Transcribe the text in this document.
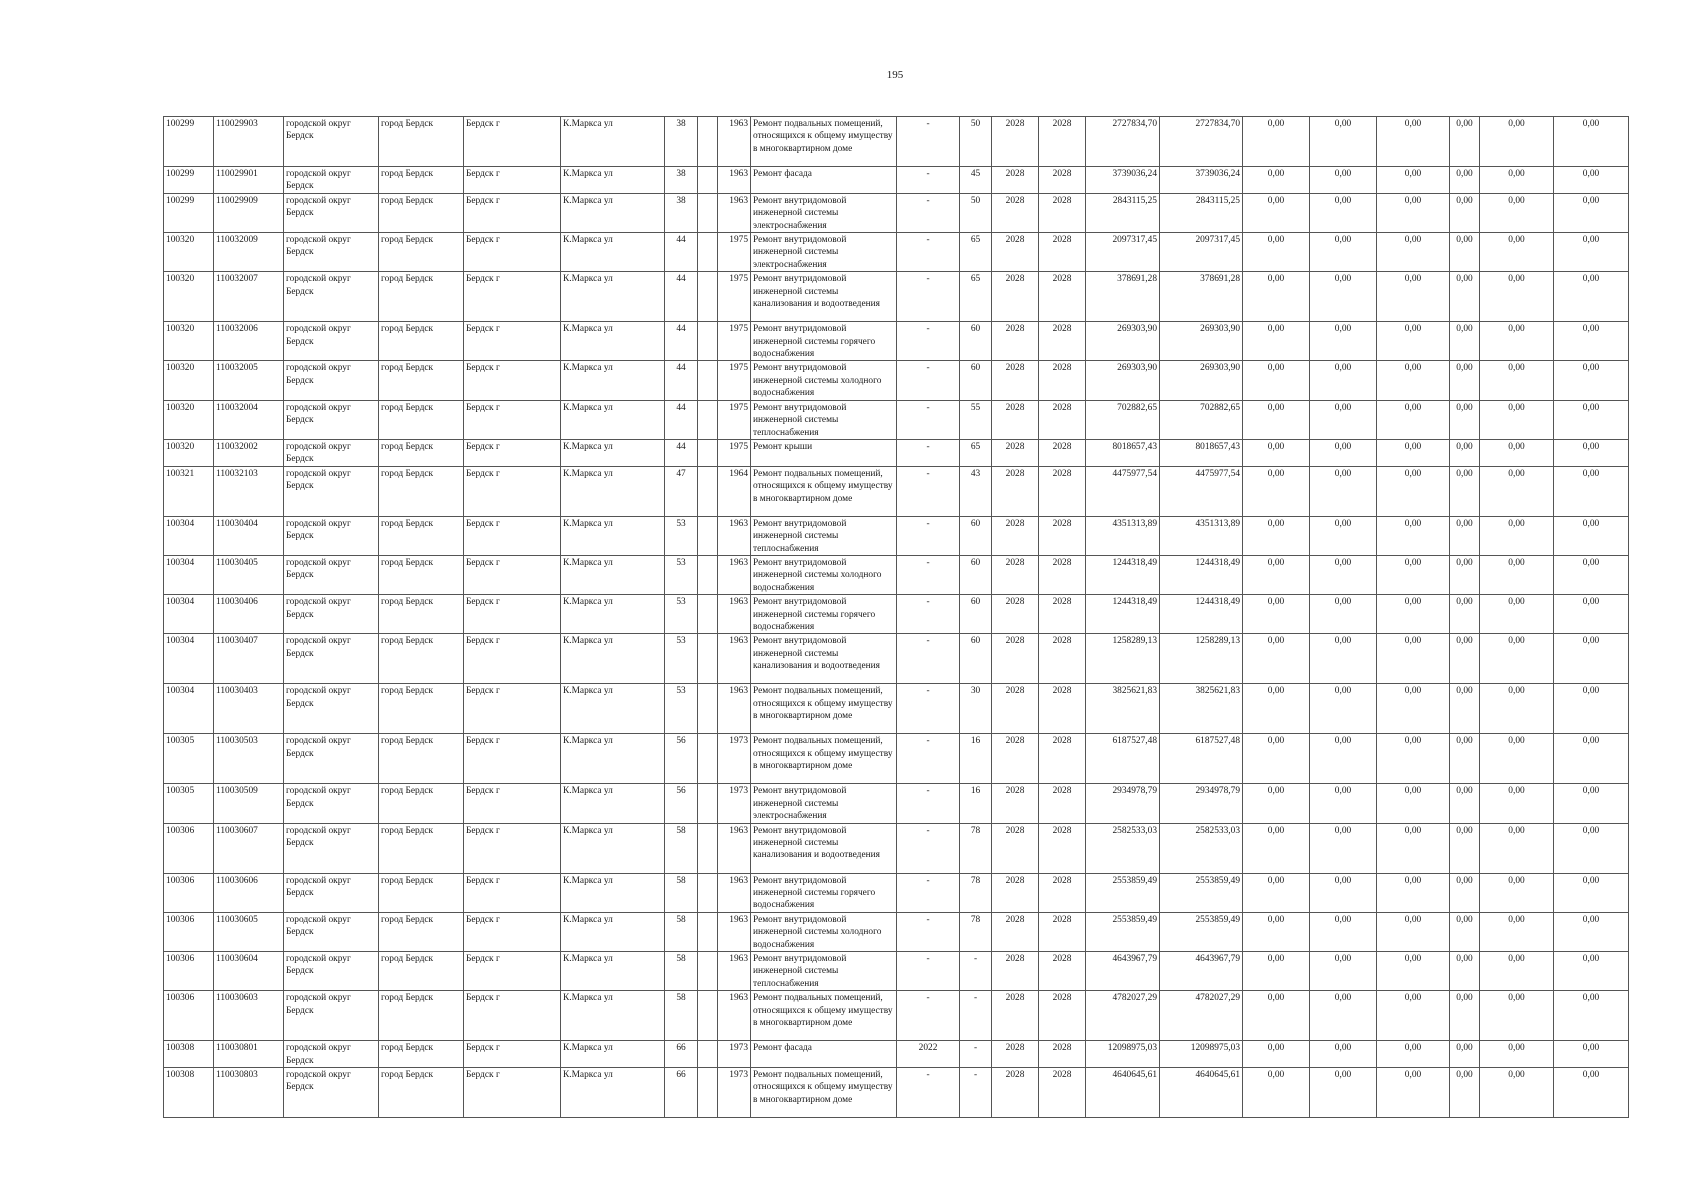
195
100299	110029903	городской округ Бердск	город Бердск	Бердск г	К.Маркса ул	38		1963	Ремонт подвальных помещений, относящихся к общему имуществу в многоквартирном доме	-	50	2028	2028	2727834,70	2727834,70	0,00	0,00	0,00	0,00	0,00	0,00
100299	110029901	городской округ Бердск	город Бердск	Бердск г	К.Маркса ул	38		1963	Ремонт фасада	-	45	2028	2028	3739036,24	3739036,24	0,00	0,00	0,00	0,00	0,00	0,00
100299	110029909	городской округ Бердск	город Бердск	Бердск г	К.Маркса ул	38		1963	Ремонт внутридомовой инженерной системы электроснабжения	-	50	2028	2028	2843115,25	2843115,25	0,00	0,00	0,00	0,00	0,00	0,00
100320	110032009	городской округ Бердск	город Бердск	Бердск г	К.Маркса ул	44		1975	Ремонт внутридомовой инженерной системы электроснабжения	-	65	2028	2028	2097317,45	2097317,45	0,00	0,00	0,00	0,00	0,00	0,00
100320	110032007	городской округ Бердск	город Бердск	Бердск г	К.Маркса ул	44		1975	Ремонт внутридомовой инженерной системы канализования и водоотведения	-	65	2028	2028	378691,28	378691,28	0,00	0,00	0,00	0,00	0,00	0,00
100320	110032006	городской округ Бердск	город Бердск	Бердск г	К.Маркса ул	44		1975	Ремонт внутридомовой инженерной системы горячего водоснабжения	-	60	2028	2028	269303,90	269303,90	0,00	0,00	0,00	0,00	0,00	0,00
100320	110032005	городской округ Бердск	город Бердск	Бердск г	К.Маркса ул	44		1975	Ремонт внутридомовой инженерной системы холодного водоснабжения	-	60	2028	2028	269303,90	269303,90	0,00	0,00	0,00	0,00	0,00	0,00
100320	110032004	городской округ Бердск	город Бердск	Бердск г	К.Маркса ул	44		1975	Ремонт внутридомовой инженерной системы теплоснабжения	-	55	2028	2028	702882,65	702882,65	0,00	0,00	0,00	0,00	0,00	0,00
100320	110032002	городской округ Бердск	город Бердск	Бердск г	К.Маркса ул	44		1975	Ремонт крыши	-	65	2028	2028	8018657,43	8018657,43	0,00	0,00	0,00	0,00	0,00	0,00
100321	110032103	городской округ Бердск	город Бердск	Бердск г	К.Маркса ул	47		1964	Ремонт подвальных помещений, относящихся к общему имуществу в многоквартирном доме	-	43	2028	2028	4475977,54	4475977,54	0,00	0,00	0,00	0,00	0,00	0,00
100304	110030404	городской округ Бердск	город Бердск	Бердск г	К.Маркса ул	53		1963	Ремонт внутридомовой инженерной системы теплоснабжения	-	60	2028	2028	4351313,89	4351313,89	0,00	0,00	0,00	0,00	0,00	0,00
100304	110030405	городской округ Бердск	город Бердск	Бердск г	К.Маркса ул	53		1963	Ремонт внутридомовой инженерной системы холодного водоснабжения	-	60	2028	2028	1244318,49	1244318,49	0,00	0,00	0,00	0,00	0,00	0,00
100304	110030406	городской округ Бердск	город Бердск	Бердск г	К.Маркса ул	53		1963	Ремонт внутридомовой инженерной системы горячего водоснабжения	-	60	2028	2028	1244318,49	1244318,49	0,00	0,00	0,00	0,00	0,00	0,00
100304	110030407	городской округ Бердск	город Бердск	Бердск г	К.Маркса ул	53		1963	Ремонт внутридомовой инженерной системы канализования и водоотведения	-	60	2028	2028	1258289,13	1258289,13	0,00	0,00	0,00	0,00	0,00	0,00
100304	110030403	городской округ Бердск	город Бердск	Бердск г	К.Маркса ул	53		1963	Ремонт подвальных помещений, относящихся к общему имуществу в многоквартирном доме	-	30	2028	2028	3825621,83	3825621,83	0,00	0,00	0,00	0,00	0,00	0,00
100305	110030503	городской округ Бердск	город Бердск	Бердск г	К.Маркса ул	56		1973	Ремонт подвальных помещений, относящихся к общему имуществу в многоквартирном доме	-	16	2028	2028	6187527,48	6187527,48	0,00	0,00	0,00	0,00	0,00	0,00
100305	110030509	городской округ Бердск	город Бердск	Бердск г	К.Маркса ул	56		1973	Ремонт внутридомовой инженерной системы электроснабжения	-	16	2028	2028	2934978,79	2934978,79	0,00	0,00	0,00	0,00	0,00	0,00
100306	110030607	городской округ Бердск	город Бердск	Бердск г	К.Маркса ул	58		1963	Ремонт внутридомовой инженерной системы канализования и водоотведения	-	78	2028	2028	2582533,03	2582533,03	0,00	0,00	0,00	0,00	0,00	0,00
100306	110030606	городской округ Бердск	город Бердск	Бердск г	К.Маркса ул	58		1963	Ремонт внутридомовой инженерной системы горячего водоснабжения	-	78	2028	2028	2553859,49	2553859,49	0,00	0,00	0,00	0,00	0,00	0,00
100306	110030605	городской округ Бердск	город Бердск	Бердск г	К.Маркса ул	58		1963	Ремонт внутридомовой инженерной системы холодного водоснабжения	-	78	2028	2028	2553859,49	2553859,49	0,00	0,00	0,00	0,00	0,00	0,00
100306	110030604	городской округ Бердск	город Бердск	Бердск г	К.Маркса ул	58		1963	Ремонт внутридомовой инженерной системы теплоснабжения	-	-	2028	2028	4643967,79	4643967,79	0,00	0,00	0,00	0,00	0,00	0,00
100306	110030603	городской округ Бердск	город Бердск	Бердск г	К.Маркса ул	58		1963	Ремонт подвальных помещений, относящихся к общему имуществу в многоквартирном доме	-	-	2028	2028	4782027,29	4782027,29	0,00	0,00	0,00	0,00	0,00	0,00
100308	110030801	городской округ Бердск	город Бердск	Бердск г	К.Маркса ул	66		1973	Ремонт фасада	2022	-	2028	2028	12098975,03	12098975,03	0,00	0,00	0,00	0,00	0,00	0,00
100308	110030803	городской округ Бердск	город Бердск	Бердск г	К.Маркса ул	66		1973	Ремонт подвальных помещений, относящихся к общему имуществу в многоквартирном доме	-	-	2028	2028	4640645,61	4640645,61	0,00	0,00	0,00	0,00	0,00	0,00
